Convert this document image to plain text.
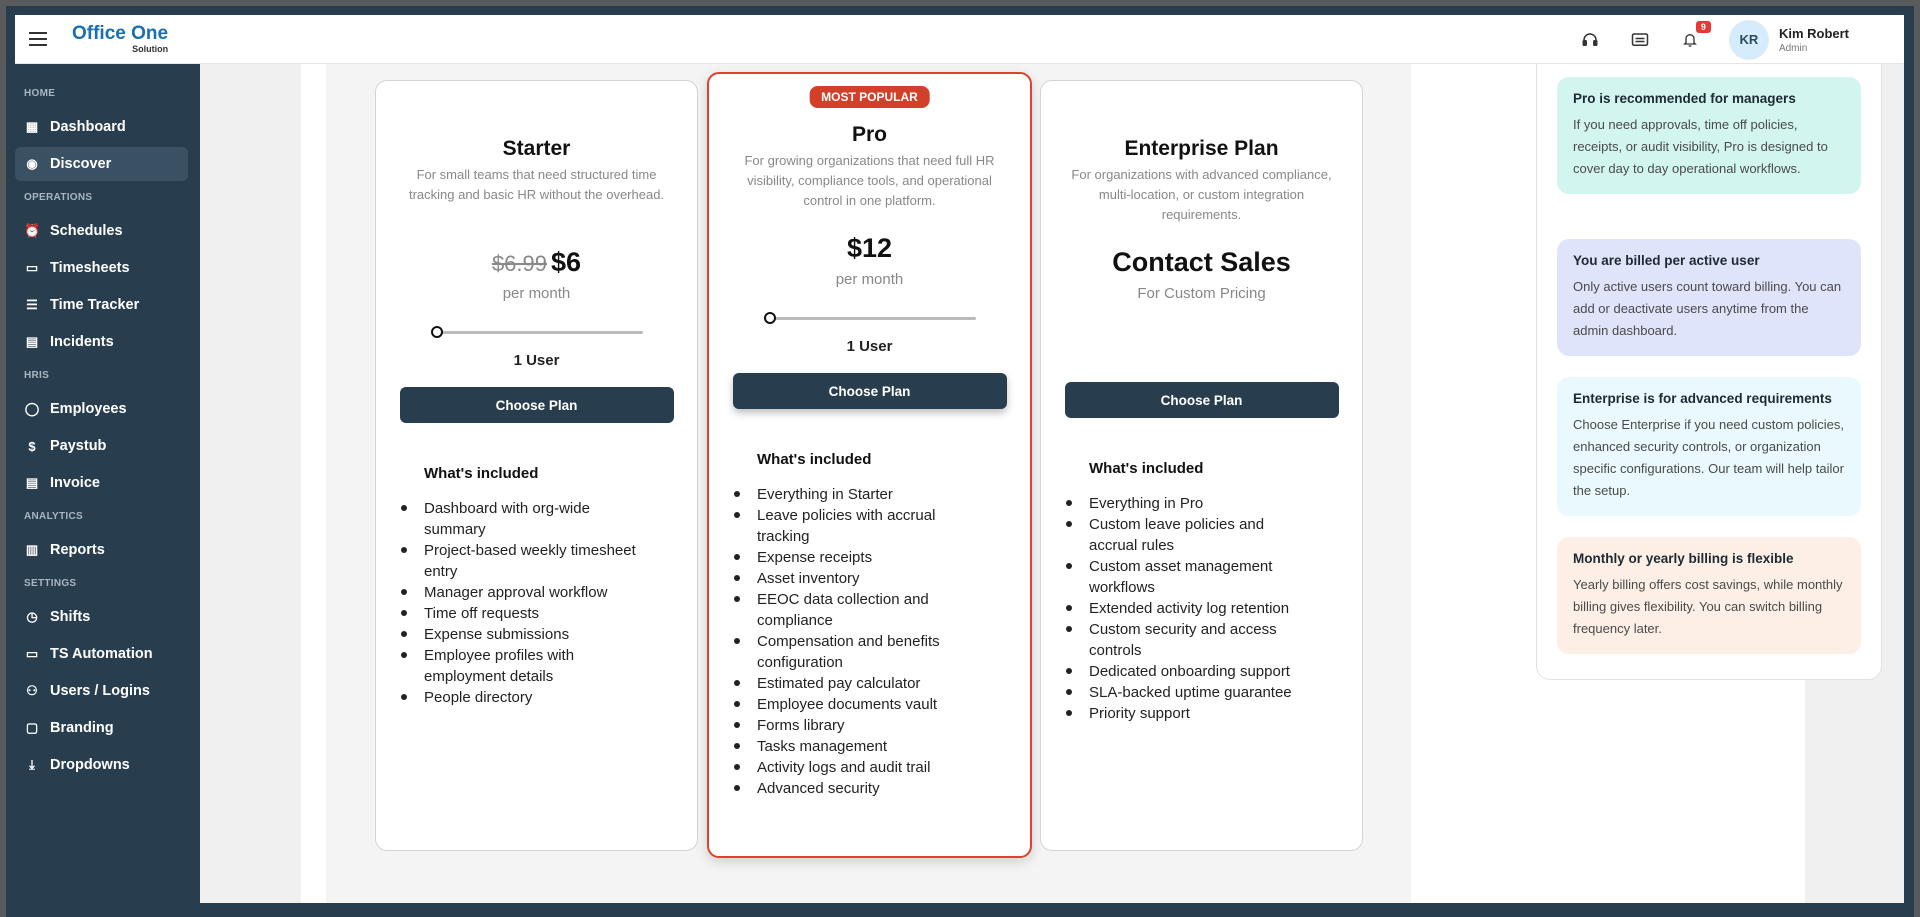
Office One
Solution
9
KR	Kim Robert
Admin
HOME
▦ Dashboard
◉ Discover
OPERATIONS
⏰ Schedules
▭ Timesheets
☰ Time Tracker
▤ Incidents
HRIS
◯ Employees
$ Paystub
▤ Invoice
ANALYTICS
▥ Reports
SETTINGS
◷ Shifts
▭ TS Automation
⚇ Users / Logins
▢ Branding
⤓	Dropdowns
Starter
For small teams that need structured time tracking and basic HR without the overhead.
$6.99 $6
per month
1 User
Choose Plan
What's included
Dashboard with org-wide summary
Project-based weekly timesheet entry
Manager approval workflow
Time off requests
Expense submissions
Employee profiles with employment details
People directory
MOST POPULAR
Pro
For growing organizations that need full HR visibility, compliance tools, and operational control in one platform.
$12
per month
1 User
Choose Plan
What's included
Everything in Starter
Leave policies with accrual tracking
Expense receipts
Asset inventory
EEOC data collection and compliance
Compensation and benefits configuration
Estimated pay calculator
Employee documents vault
Forms library
Tasks management
Activity logs and audit trail
Advanced security
Enterprise Plan
For organizations with advanced compliance, multi-location, or custom integration requirements.
Contact Sales
For Custom Pricing
Choose Plan
What's included
Everything in Pro
Custom leave policies and accrual rules
Custom asset management workflows
Extended activity log retention
Custom security and access controls
Dedicated onboarding support
SLA-backed uptime guarantee
Priority support
Pro is recommended for managers

If you need approvals, time off policies, receipts, or audit visibility, Pro is designed to cover day to day operational workflows.

You are billed per active user

Only active users count toward billing. You can add or deactivate users anytime from the admin dashboard.

Enterprise is for advanced requirements

Choose Enterprise if you need custom policies, enhanced security controls, or organization specific configurations. Our team will help tailor the setup.

Monthly or yearly billing is flexible

Yearly billing offers cost savings, while monthly billing gives flexibility. You can switch billing frequency later.
